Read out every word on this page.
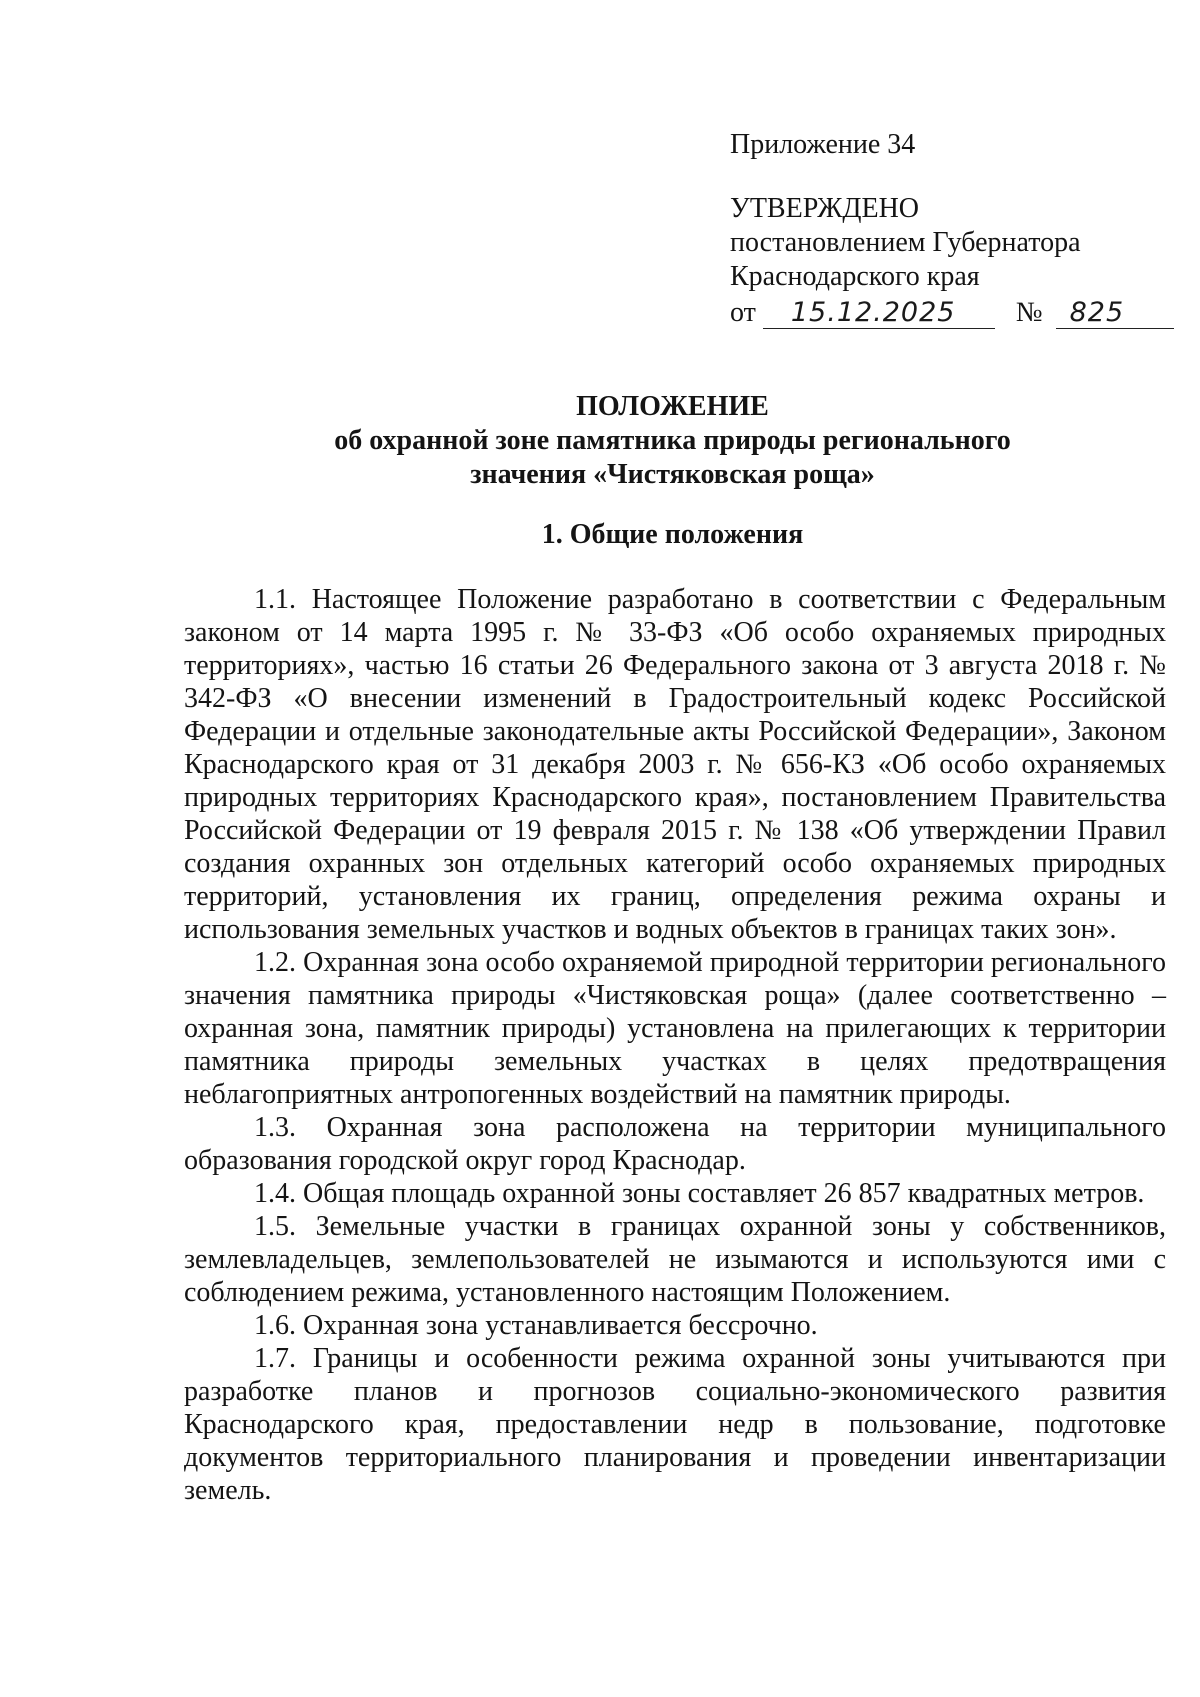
Приложение 34
УТВЕРЖДЕНО
постановлением Губернатора
Краснодарского края
от 15.12.2025 № 825
ПОЛОЖЕНИЕ
об охранной зоне памятника природы регионального
значения «Чистяковская роща»
1. Общие положения

1.1. Настоящее Положение разработано в соответствии с Федеральным законом от 14 марта 1995 г. № 33-ФЗ «Об особо охраняемых природных территориях», частью 16 статьи 26 Федерального закона от 3 августа 2018 г. № 342-ФЗ «О внесении изменений в Градостроительный кодекс Российской Федерации и отдельные законодательные акты Российской Федерации», Законом Краснодарского края от 31 декабря 2003 г. № 656-КЗ «Об особо охраняемых природных территориях Краснодарского края», постановлением Правительства Российской Федерации от 19 февраля 2015 г. № 138 «Об утверждении Правил создания охранных зон отдельных категорий особо охраняемых природных территорий, установления их границ, определения режима охраны и использования земельных участков и водных объектов в границах таких зон».

1.2. Охранная зона особо охраняемой природной территории регионального значения памятника природы «Чистяковская роща» (далее соответственно – охранная зона, памятник природы) установлена на прилегающих к территории памятника природы земельных участках в целях предотвращения неблагоприятных антропогенных воздействий на памятник природы.

1.3. Охранная зона расположена на территории муниципального образования городской округ город Краснодар.

1.4. Общая площадь охранной зоны составляет 26 857 квадратных метров.

1.5. Земельные участки в границах охранной зоны у собственников, землевладельцев, землепользователей не изымаются и используются ими с соблюдением режима, установленного настоящим Положением.

1.6. Охранная зона устанавливается бессрочно.

1.7. Границы и особенности режима охранной зоны учитываются при разработке планов и прогнозов социально-экономического развития Краснодарского края, предоставлении недр в пользование, подготовке документов территориального планирования и проведении инвентаризации земель.
